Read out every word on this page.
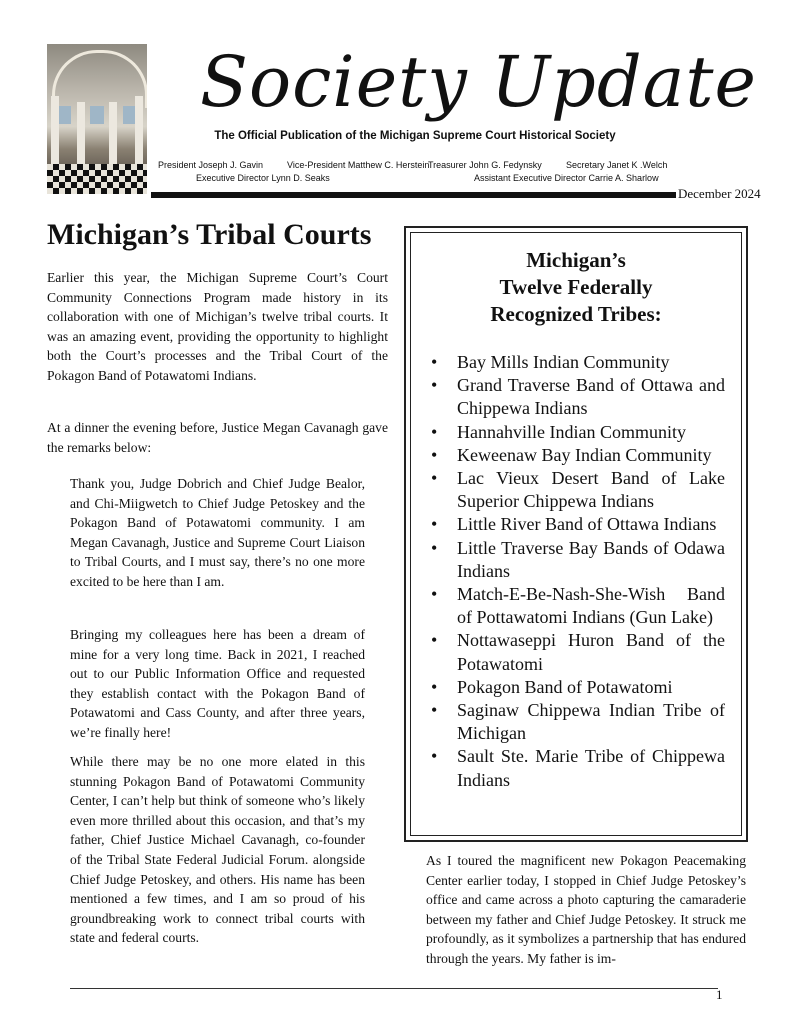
Society Update
The Official Publication of the Michigan Supreme Court Historical Society
President Joseph J. Gavin	Vice-President Matthew C. Herstein
Treasurer John G. Fedynsky	Secretary Janet K .Welch
Executive Director Lynn D. Seaks	Assistant Executive Director Carrie A. Sharlow
December 2024
Michigan’s Tribal Courts

Earlier this year, the Michigan Supreme Court’s Court Community Connections Program made history in its collaboration with one of Michigan’s twelve tribal courts. It was an amazing event, providing the opportunity to highlight both the Court’s processes and the Tribal Court of the Pokagon Band of Potawatomi Indians.

At a dinner the evening before, Justice Megan Cavanagh gave the remarks below:

Thank you, Judge Dobrich and Chief Judge Bealor, and Chi-Miigwetch to Chief Judge Petoskey and the Pokagon Band of Potawatomi community. I am Megan Cavanagh, Justice and Supreme Court Liaison to Tribal Courts, and I must say, there’s no one more excited to be here than I am.

Bringing my colleagues here has been a dream of mine for a very long time. Back in 2021, I reached out to our Public Information Office and requested they establish contact with the Pokagon Band of Potawatomi and Cass County, and after three years, we’re finally here!

While there may be no one more elated in this stunning Pokagon Band of Potawatomi Community Center, I can’t help but think of someone who’s likely even more thrilled about this occasion, and that’s my father, Chief Justice Michael Cavanagh, co-founder of the Tribal State Federal Judicial Forum. alongside Chief Judge Petoskey, and others. His name has been mentioned a few times, and I am so proud of his groundbreaking work to connect tribal courts with state and federal courts.

Michigan’s
Twelve Federally
Recognized Tribes:
• Bay Mills Indian Community
• Grand Traverse Band of Ottawa and Chippewa Indians
• Hannahville Indian Community
• Keweenaw Bay Indian Community
• Lac Vieux Desert Band of Lake Superior Chippewa Indians
• Little River Band of Ottawa Indians
• Little Traverse Bay Bands of Odawa Indians
• Match-E-Be-Nash-She-Wish Band of Pottawatomi Indians (Gun Lake)
• Nottawaseppi Huron Band of the Potawatomi
• Pokagon Band of Potawatomi
• Saginaw Chippewa Indian Tribe of Michigan
• Sault Ste. Marie Tribe of Chippewa Indians

As I toured the magnificent new Pokagon Peacemaking Center earlier today, I stopped in Chief Judge Petoskey’s office and came across a photo capturing the camaraderie between my father and Chief Judge Petoskey. It struck me profoundly, as it symbolizes a partnership that has endured through the years. My father is im-

1
